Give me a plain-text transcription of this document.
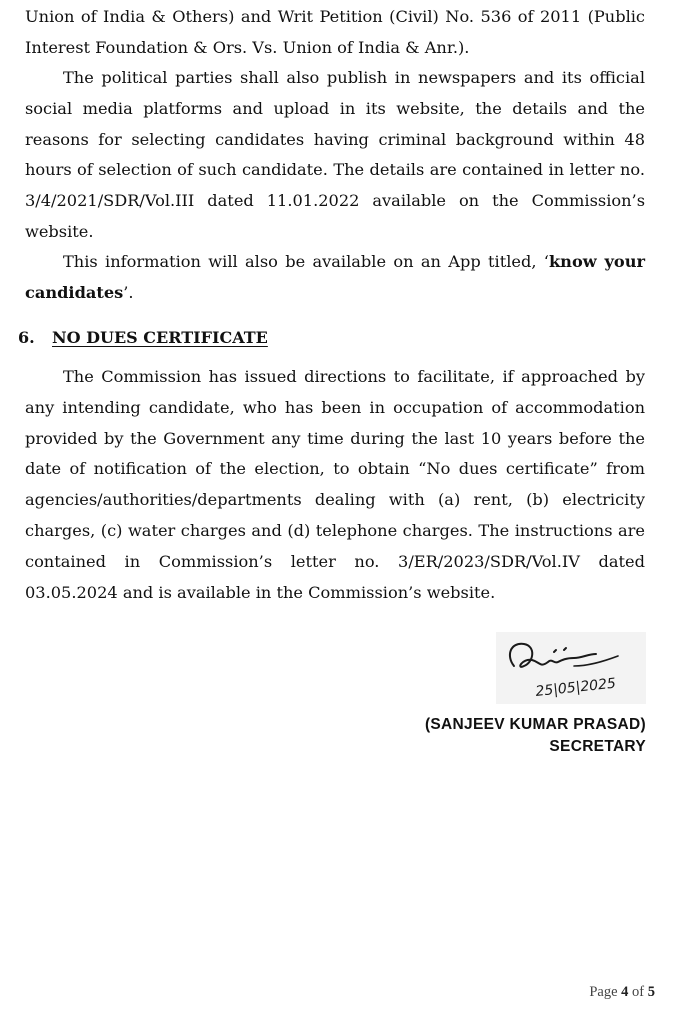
Union of India & Others) and Writ Petition (Civil) No. 536 of 2011 (Public Interest Foundation & Ors. Vs. Union of India & Anr.).

The political parties shall also publish in newspapers and its official social media platforms and upload in its website, the details and the reasons for selecting candidates having criminal background within 48 hours of selection of such candidate. The details are contained in letter no. 3/4/2021/SDR/Vol.III dated 11.01.2022 available on the Commission’s website.

This information will also be available on an App titled, ‘know your candidates’.

6. NO DUES CERTIFICATE

The Commission has issued directions to facilitate, if approached by any intending candidate, who has been in occupation of accommodation provided by the Government any time during the last 10 years before the date of notification of the election, to obtain “No dues certificate” from agencies/authorities/departments dealing with (a) rent, (b) electricity charges, (c) water charges and (d) telephone charges. The instructions are contained in Commission’s letter no. 3/ER/2023/SDR/Vol.IV dated 03.05.2024 and is available in the Commission’s website.

25|05|2025

(SANJEEV KUMAR PRASAD)

SECRETARY

Page 4 of 5
